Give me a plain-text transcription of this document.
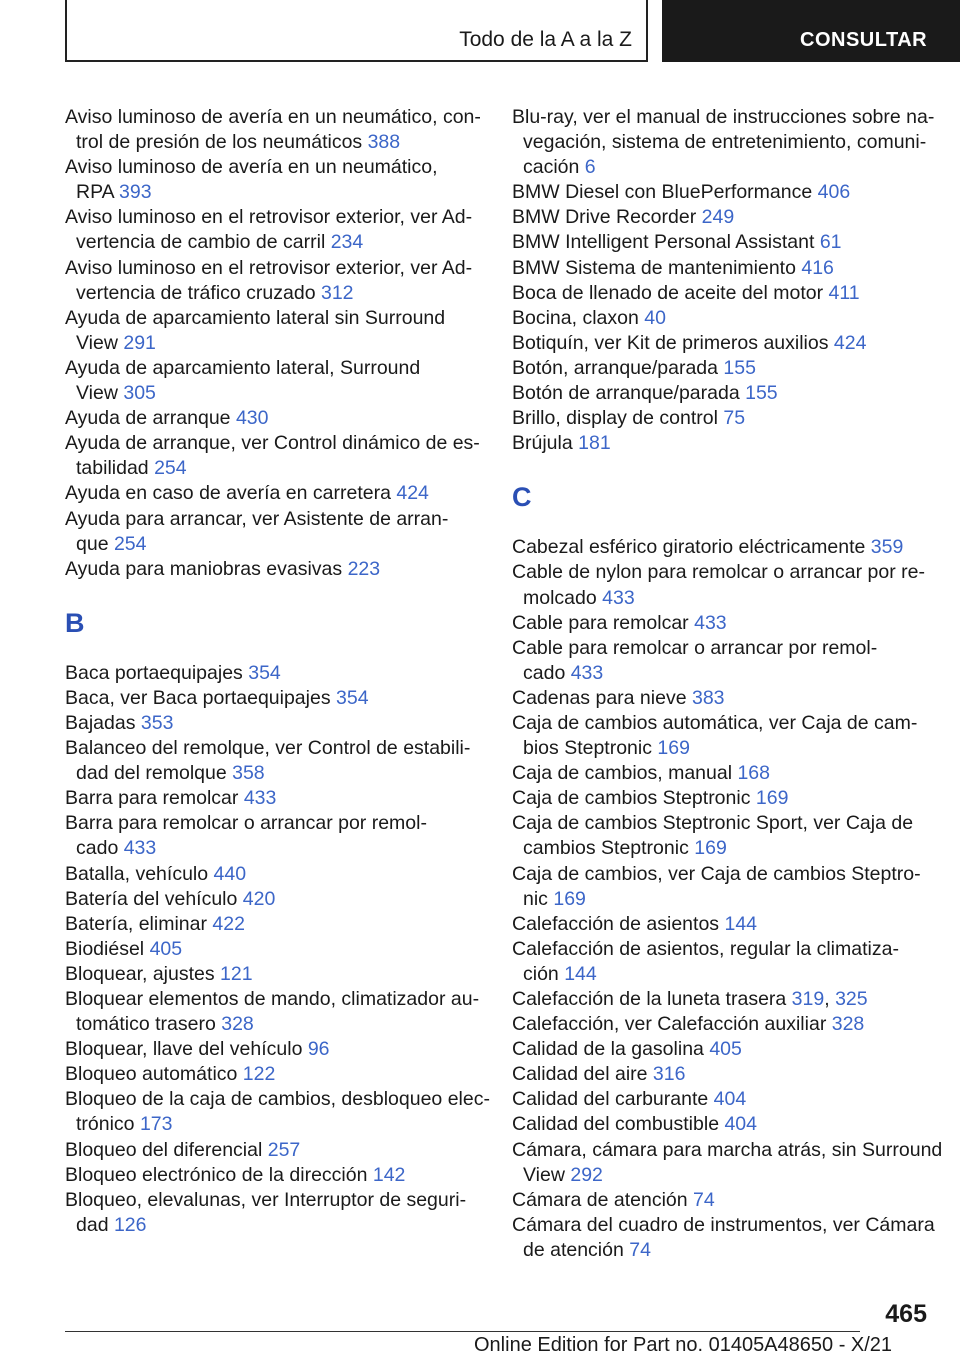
Todo de la A a la Z	CONSULTAR
Aviso luminoso de avería en un neumático, con-
trol de presión de los neumáticos 388
Aviso luminoso de avería en un neumático,
RPA 393
Aviso luminoso en el retrovisor exterior, ver Ad-
vertencia de cambio de carril 234
Aviso luminoso en el retrovisor exterior, ver Ad-
vertencia de tráfico cruzado 312
Ayuda de aparcamiento lateral sin Surround
View 291
Ayuda de aparcamiento lateral, Surround
View 305
Ayuda de arranque 430
Ayuda de arranque, ver Control dinámico de es-
tabilidad 254
Ayuda en caso de avería en carretera 424
Ayuda para arrancar, ver Asistente de arran-
que 254
Ayuda para maniobras evasivas 223
B
Baca portaequipajes 354
Baca, ver Baca portaequipajes 354
Bajadas 353
Balanceo del remolque, ver Control de estabili-
dad del remolque 358
Barra para remolcar 433
Barra para remolcar o arrancar por remol-
cado 433
Batalla, vehículo 440
Batería del vehículo 420
Batería, eliminar 422
Biodiésel 405
Bloquear, ajustes 121
Bloquear elementos de mando, climatizador au-
tomático trasero 328
Bloquear, llave del vehículo 96
Bloqueo automático 122
Bloqueo de la caja de cambios, desbloqueo elec-
trónico 173
Bloqueo del diferencial 257
Bloqueo electrónico de la dirección 142
Bloqueo, elevalunas, ver Interruptor de seguri-
dad 126
Blu-ray, ver el manual de instrucciones sobre na-
vegación, sistema de entretenimiento, comuni-
cación 6
BMW Diesel con BluePerformance 406
BMW Drive Recorder 249
BMW Intelligent Personal Assistant 61
BMW Sistema de mantenimiento 416
Boca de llenado de aceite del motor 411
Bocina, claxon 40
Botiquín, ver Kit de primeros auxilios 424
Botón, arranque/parada 155
Botón de arranque/parada 155
Brillo, display de control 75
Brújula 181
C
Cabezal esférico giratorio eléctricamente 359
Cable de nylon para remolcar o arrancar por re-
molcado 433
Cable para remolcar 433
Cable para remolcar o arrancar por remol-
cado 433
Cadenas para nieve 383
Caja de cambios automática, ver Caja de cam-
bios Steptronic 169
Caja de cambios, manual 168
Caja de cambios Steptronic 169
Caja de cambios Steptronic Sport, ver Caja de
cambios Steptronic 169
Caja de cambios, ver Caja de cambios Steptro-
nic 169
Calefacción de asientos 144
Calefacción de asientos, regular la climatiza-
ción 144
Calefacción de la luneta trasera 319, 325
Calefacción, ver Calefacción auxiliar 328
Calidad de la gasolina 405
Calidad del aire 316
Calidad del carburante 404
Calidad del combustible 404
Cámara, cámara para marcha atrás, sin Surround
View 292
Cámara de atención 74
Cámara del cuadro de instrumentos, ver Cámara
de atención 74
465
Online Edition for Part no. 01405A48650 - X/21
